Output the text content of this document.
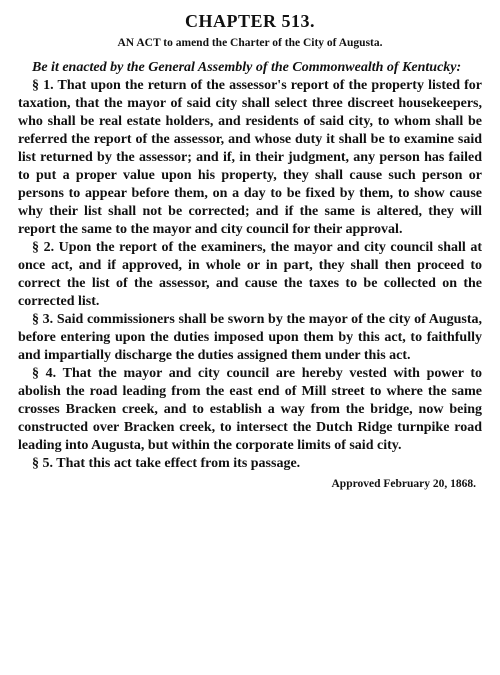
CHAPTER 513.
AN ACT to amend the Charter of the City of Augusta.

Be it enacted by the General Assembly of the Commonwealth of Kentucky:

§ 1. That upon the return of the assessor's report of the property listed for taxation, that the mayor of said city shall select three discreet housekeepers, who shall be real estate holders, and residents of said city, to whom shall be referred the report of the assessor, and whose duty it shall be to examine said list returned by the assessor; and if, in their judgment, any person has failed to put a proper value upon his property, they shall cause such person or persons to appear before them, on a day to be fixed by them, to show cause why their list shall not be corrected; and if the same is altered, they will report the same to the mayor and city council for their approval.

§ 2. Upon the report of the examiners, the mayor and city council shall at once act, and if approved, in whole or in part, they shall then proceed to correct the list of the assessor, and cause the taxes to be collected on the corrected list.

§ 3. Said commissioners shall be sworn by the mayor of the city of Augusta, before entering upon the duties imposed upon them by this act, to faithfully and impartially discharge the duties assigned them under this act.

§ 4. That the mayor and city council are hereby vested with power to abolish the road leading from the east end of Mill street to where the same crosses Bracken creek, and to establish a way from the bridge, now being constructed over Bracken creek, to intersect the Dutch Ridge turnpike road leading into Augusta, but within the corporate limits of said city.

§ 5. That this act take effect from its passage.

Approved February 20, 1868.
